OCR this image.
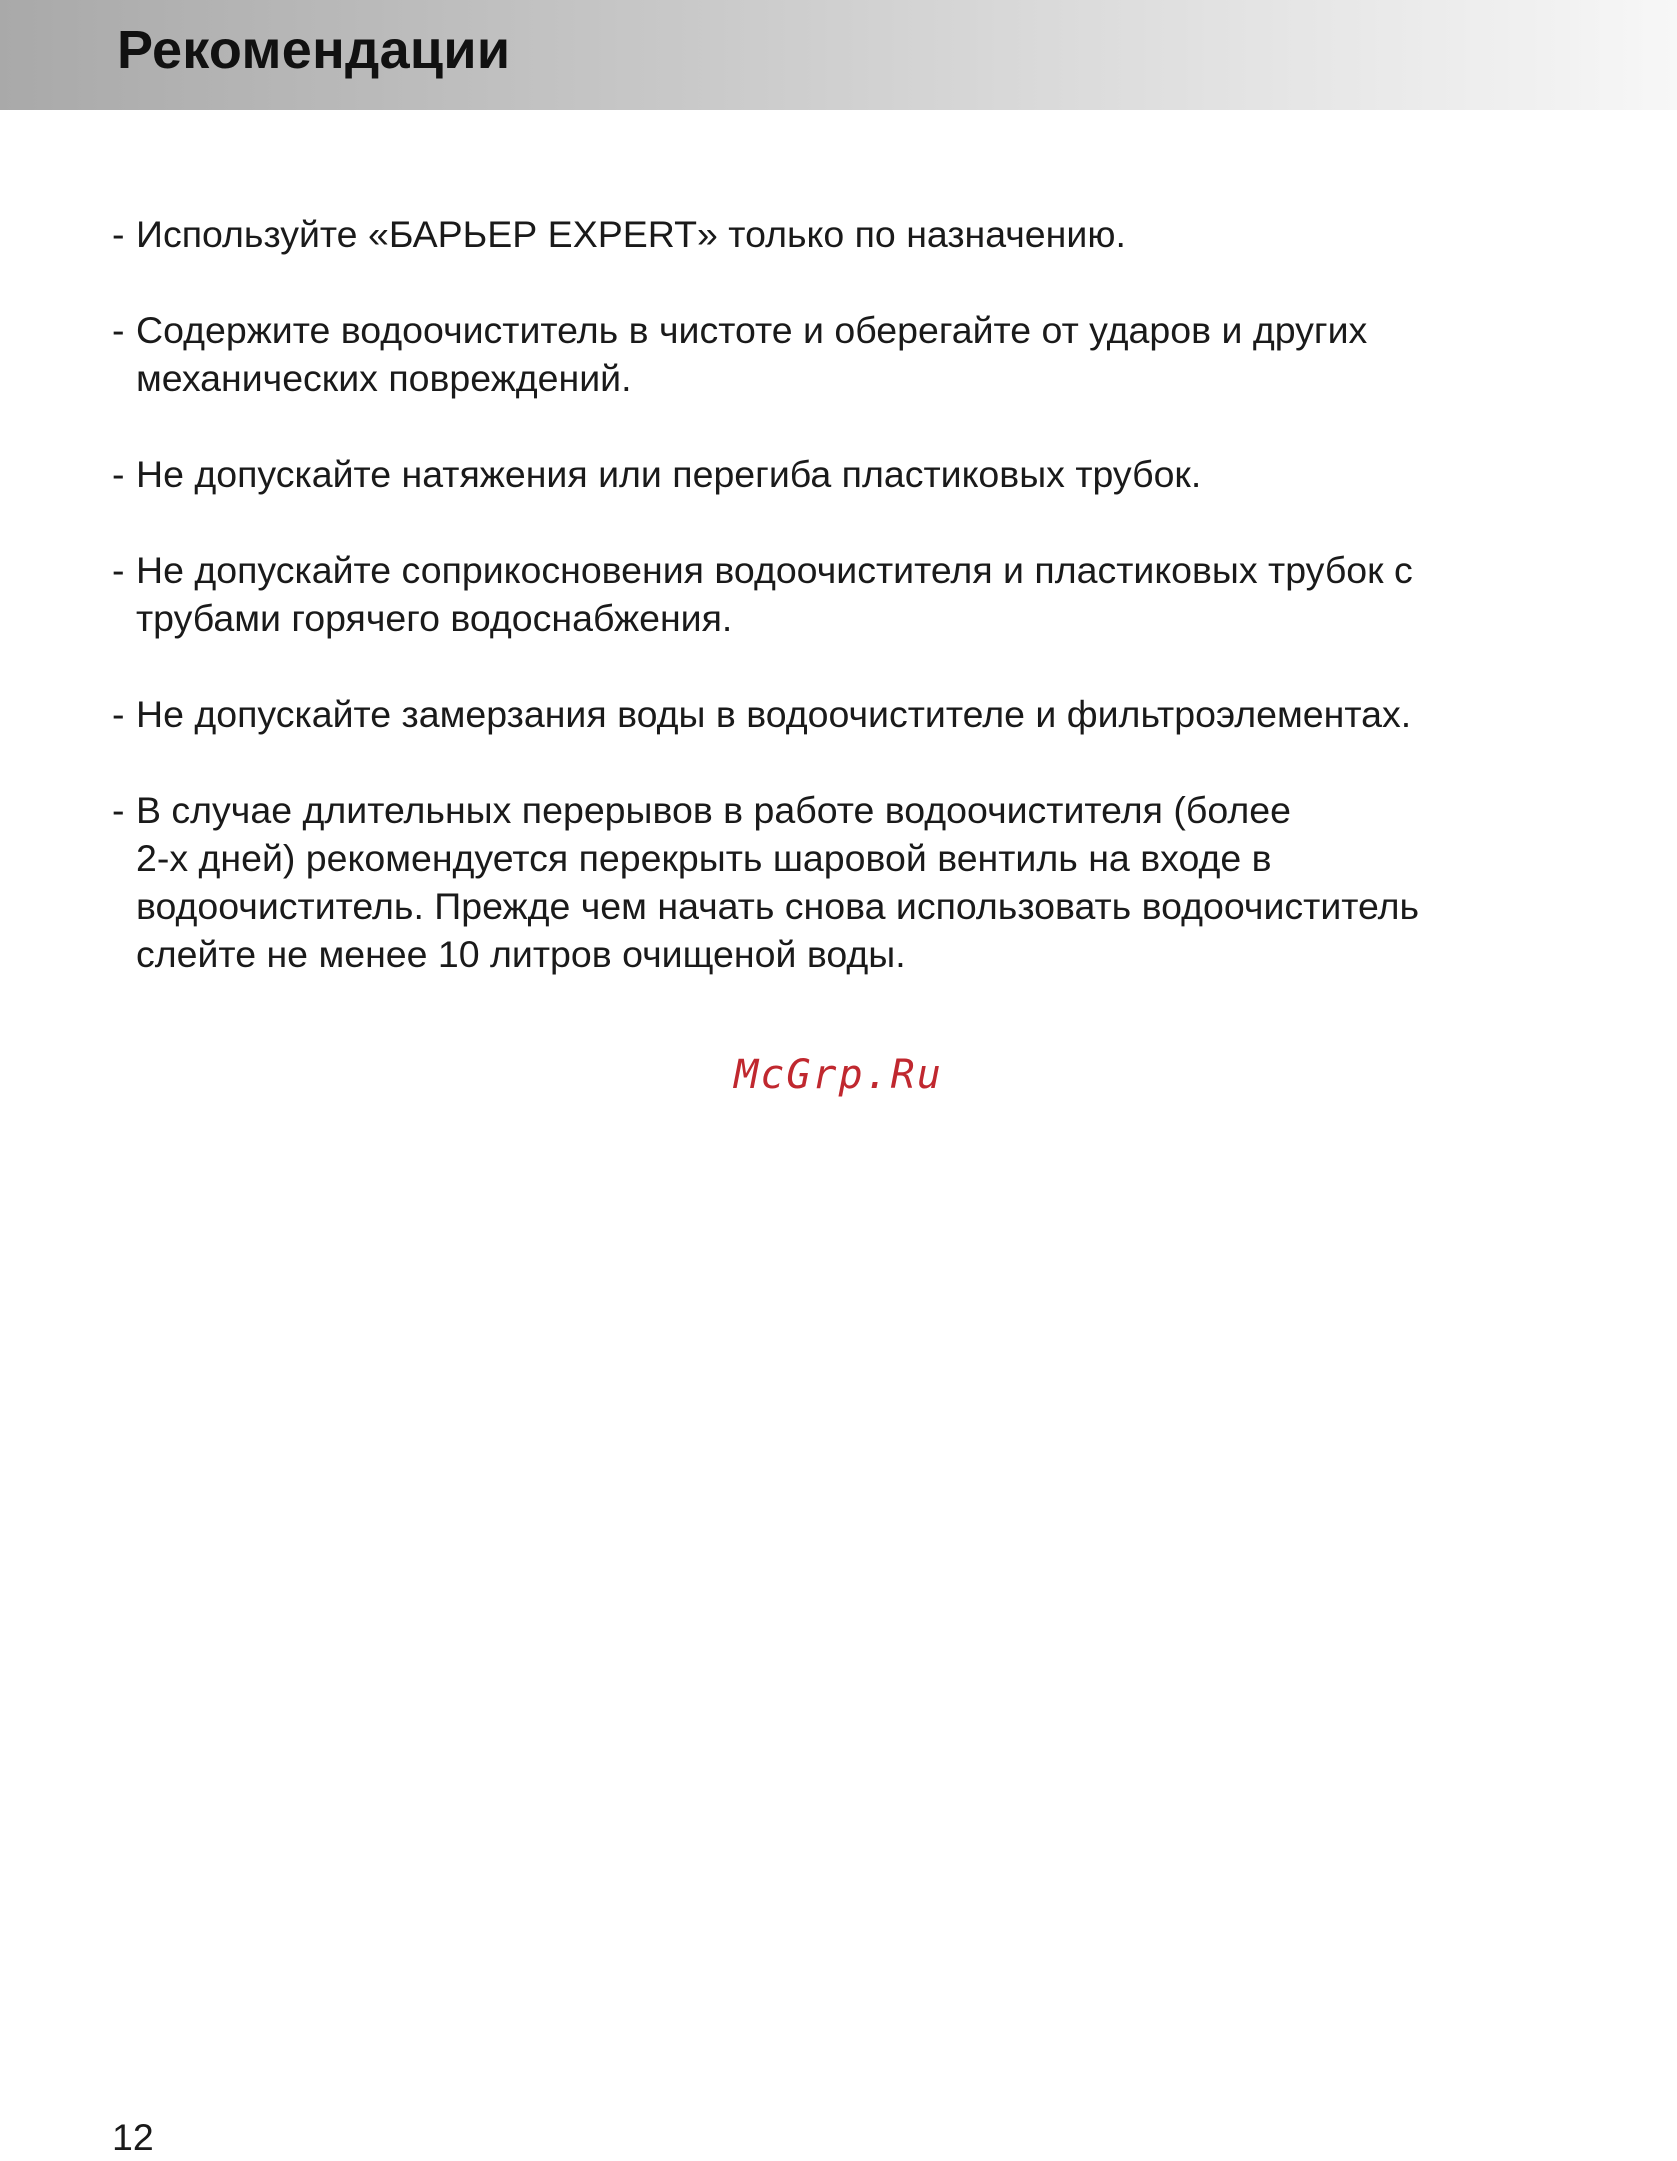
Рекомендации
- Используйте «БАРЬЕР EXPERT» только по назначению.
- Содержите водоочиститель в чистоте и оберегайте от ударов и других
механических повреждений.
- Не допускайте натяжения или перегиба пластиковых трубок.
- Не допускайте соприкосновения водоочистителя и пластиковых трубок с
трубами горячего водоснабжения.
- Не допускайте замерзания воды в водоочистителе и фильтроэлементах.
- В случае длительных перерывов в работе водоочистителя (более
2-х дней) рекомендуется перекрыть шаровой вентиль на входе в
водоочиститель. Прежде чем начать снова использовать водоочиститель
слейте не менее 10 литров очищеной воды.
McGrp.Ru
12
